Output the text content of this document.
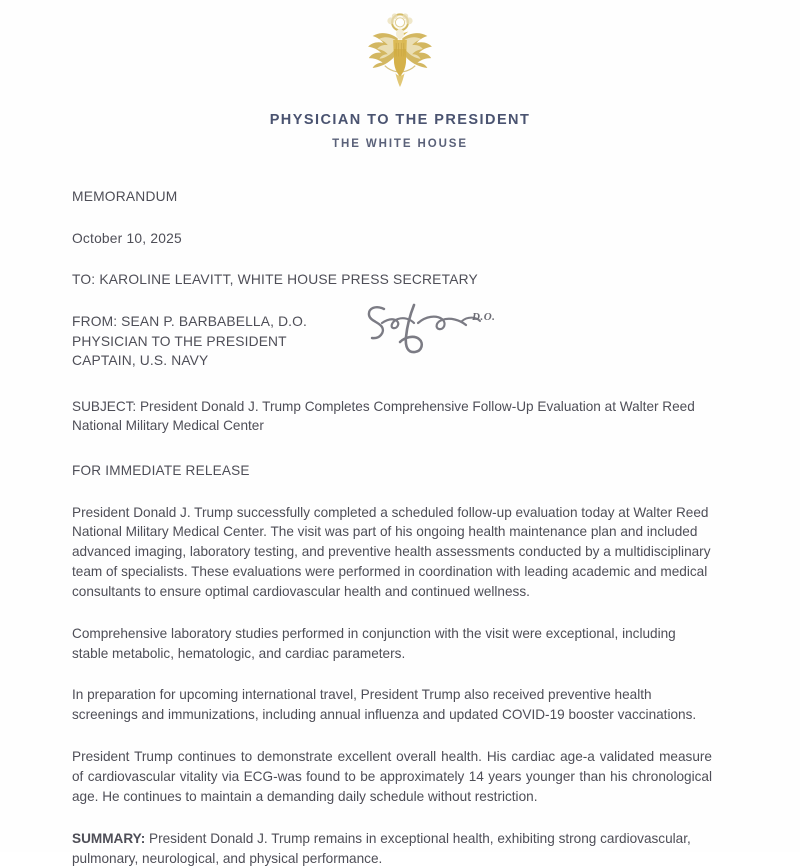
PHYSICIAN TO THE PRESIDENT
THE WHITE HOUSE
MEMORANDUM
October 10, 2025
TO: KAROLINE LEAVITT, WHITE HOUSE PRESS SECRETARY
FROM: SEAN P. BARBABELLA, D.O.
PHYSICIAN TO THE PRESIDENT
CAPTAIN, U.S. NAVY
D.O.
SUBJECT: President Donald J. Trump Completes Comprehensive Follow-Up Evaluation at Walter Reed National Military Medical Center
FOR IMMEDIATE RELEASE

President Donald J. Trump successfully completed a scheduled follow-up evaluation today at Walter Reed National Military Medical Center. The visit was part of his ongoing health maintenance plan and included advanced imaging, laboratory testing, and preventive health assessments conducted by a multidisciplinary team of specialists. These evaluations were performed in coordination with leading academic and medical consultants to ensure optimal cardiovascular health and continued wellness.

Comprehensive laboratory studies performed in conjunction with the visit were exceptional, including stable metabolic, hematologic, and cardiac parameters.

In preparation for upcoming international travel, President Trump also received preventive health screenings and immunizations, including annual influenza and updated COVID-19 booster vaccinations.

President Trump continues to demonstrate excellent overall health. His cardiac age-a validated measure of cardiovascular vitality via ECG-was found to be approximately 14 years younger than his chronological age. He continues to maintain a demanding daily schedule without restriction.

SUMMARY: President Donald J. Trump remains in exceptional health, exhibiting strong cardiovascular, pulmonary, neurological, and physical performance.
